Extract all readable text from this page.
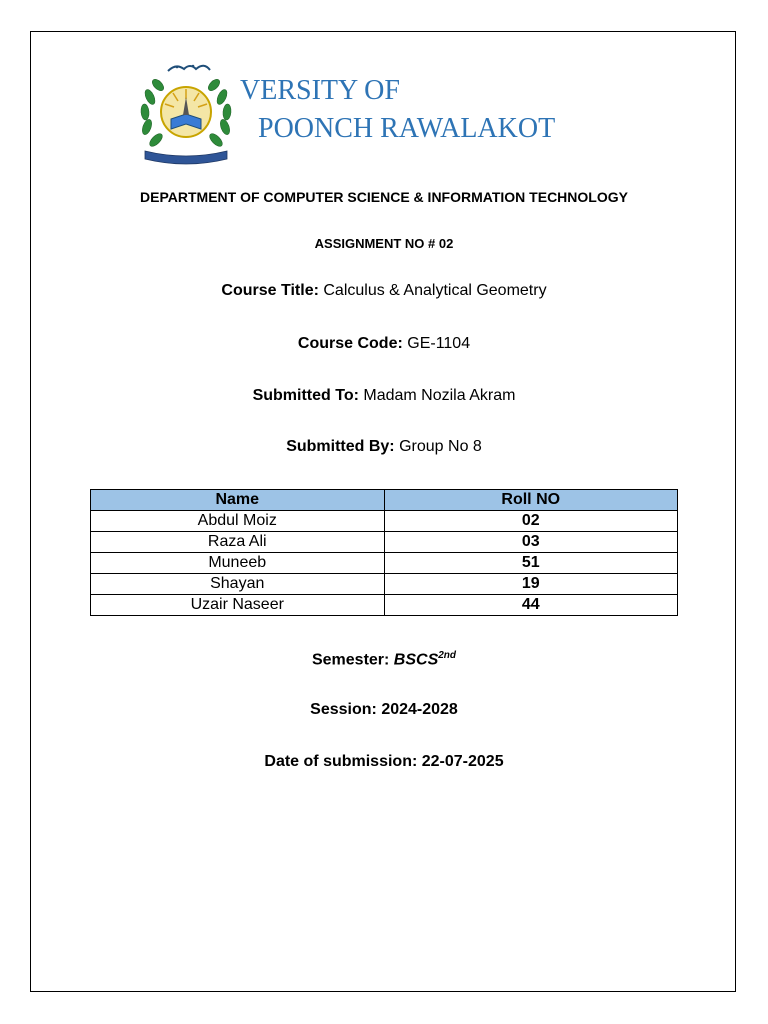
VERSITY OF
POONCH RAWALAKOT
DEPARTMENT OF COMPUTER SCIENCE & INFORMATION TECHNOLOGY
ASSIGNMENT NO # 02
Course Title: Calculus & Analytical Geometry
Course Code: GE-1104
Submitted To: Madam Nozila Akram
Submitted By: Group No 8
Name	Roll NO
Abdul Moiz	02
Raza Ali	03
Muneeb	51
Shayan	19
Uzair Naseer	44
Semester: $BSCS^{2nd}$
Session: 2024-2028
Date of submission: 22-07-2025
